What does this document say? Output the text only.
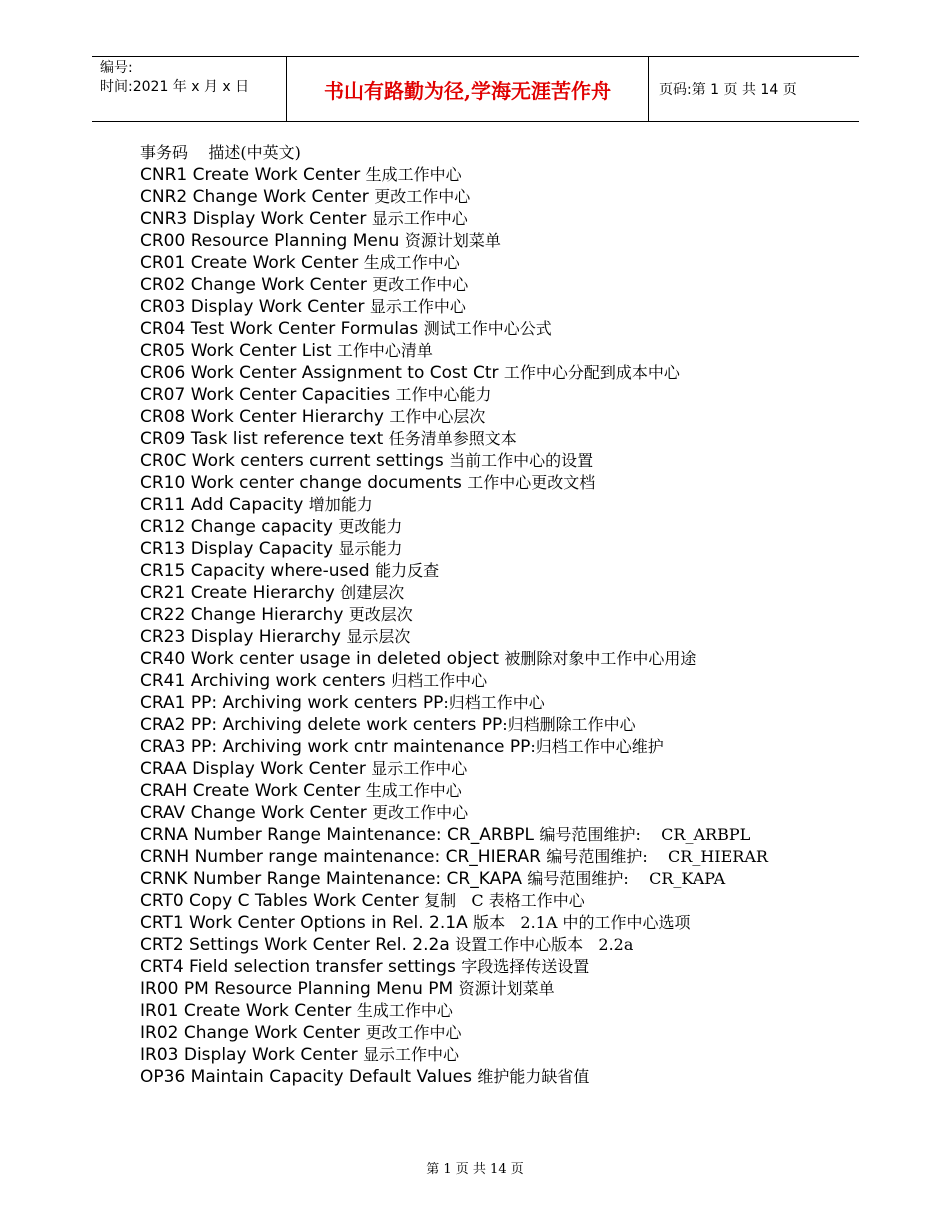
编号:
时间:2021 年 x 月 x 日	书山有路勤为径,学海无涯苦作舟	页码:第 1 页 共 14 页
事务码    描述(中英文)
CNR1 Create Work Center 生成工作中心
CNR2 Change Work Center 更改工作中心
CNR3 Display Work Center 显示工作中心
CR00 Resource Planning Menu 资源计划菜单
CR01 Create Work Center 生成工作中心
CR02 Change Work Center 更改工作中心
CR03 Display Work Center 显示工作中心
CR04 Test Work Center Formulas 测试工作中心公式
CR05 Work Center List 工作中心清单
CR06 Work Center Assignment to Cost Ctr 工作中心分配到成本中心
CR07 Work Center Capacities 工作中心能力
CR08 Work Center Hierarchy 工作中心层次
CR09 Task list reference text 任务清单参照文本
CR0C Work centers current settings 当前工作中心的设置
CR10 Work center change documents 工作中心更改文档
CR11 Add Capacity 增加能力
CR12 Change capacity 更改能力
CR13 Display Capacity 显示能力
CR15 Capacity where-used 能力反查
CR21 Create Hierarchy 创建层次
CR22 Change Hierarchy 更改层次
CR23 Display Hierarchy 显示层次
CR40 Work center usage in deleted object 被删除对象中工作中心用途
CR41 Archiving work centers 归档工作中心
CRA1 PP: Archiving work centers PP:归档工作中心
CRA2 PP: Archiving delete work centers PP:归档删除工作中心
CRA3 PP: Archiving work cntr maintenance PP:归档工作中心维护
CRAA Display Work Center 显示工作中心
CRAH Create Work Center 生成工作中心
CRAV Change Work Center 更改工作中心
CRNA Number Range Maintenance: CR_ARBPL 编号范围维护:    CR_ARBPL
CRNH Number range maintenance: CR_HIERAR 编号范围维护:    CR_HIERAR
CRNK Number Range Maintenance: CR_KAPA 编号范围维护:    CR_KAPA
CRT0 Copy C Tables Work Center 复制   C 表格工作中心
CRT1 Work Center Options in Rel. 2.1A 版本   2.1A 中的工作中心选项
CRT2 Settings Work Center Rel. 2.2a 设置工作中心版本   2.2a
CRT4 Field selection transfer settings 字段选择传送设置
IR00 PM Resource Planning Menu PM 资源计划菜单
IR01 Create Work Center 生成工作中心
IR02 Change Work Center 更改工作中心
IR03 Display Work Center 显示工作中心
OP36 Maintain Capacity Default Values 维护能力缺省值
第 1 页 共 14 页
